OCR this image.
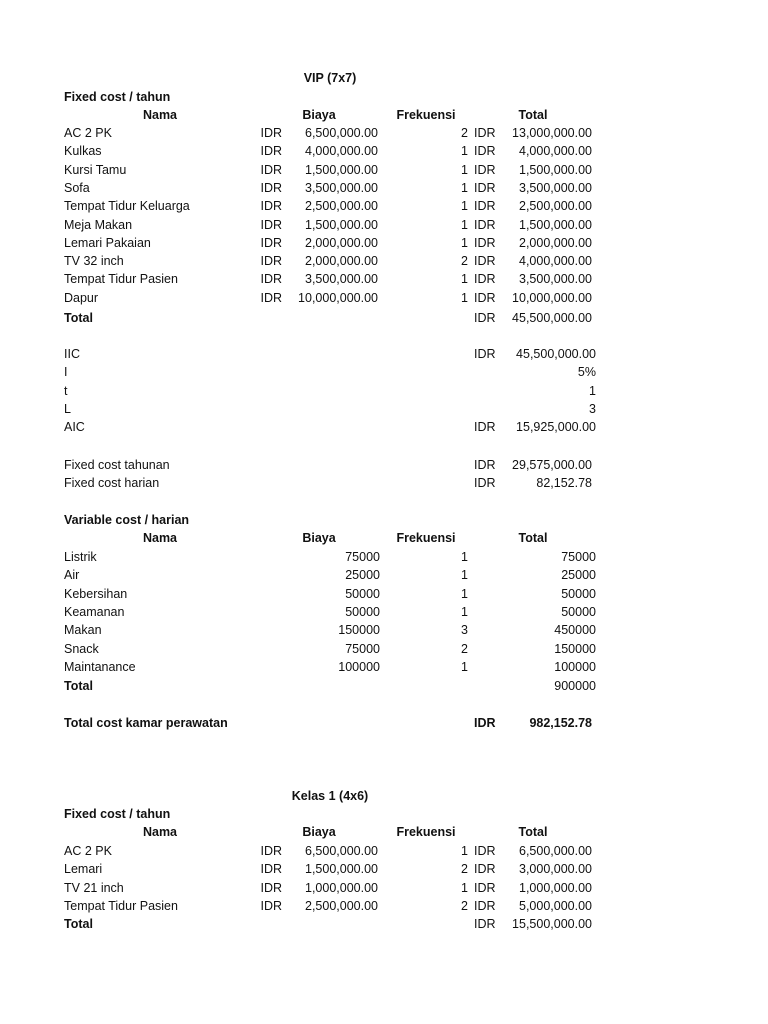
VIP (7x7)
Fixed cost / tahun
Nama	Biaya	Frekuensi	Total
AC 2 PK	IDR	6,500,000.00	2 IDR	13,000,000.00
Kulkas	IDR	4,000,000.00	1 IDR	4,000,000.00
Kursi Tamu	IDR	1,500,000.00	1 IDR	1,500,000.00
Sofa	IDR	3,500,000.00	1 IDR	3,500,000.00
Tempat Tidur Keluarga	IDR	2,500,000.00	1 IDR	2,500,000.00
Meja Makan	IDR	1,500,000.00	1 IDR	1,500,000.00
Lemari Pakaian	IDR	2,000,000.00	1 IDR	2,000,000.00
TV 32 inch	IDR	2,000,000.00	2 IDR	4,000,000.00
Tempat Tidur Pasien	IDR	3,500,000.00	1 IDR	3,500,000.00
Dapur	IDR	10,000,000.00	1 IDR	10,000,000.00
Total	IDR	45,500,000.00
IIC	IDR	45,500,000.00
I	5%
t	1
L	3
AIC	IDR	15,925,000.00
Fixed cost tahunan	IDR	29,575,000.00
Fixed cost harian	IDR	82,152.78
Variable cost / harian
Nama	Biaya	Frekuensi	Total
Listrik	75000	1	75000
Air	25000	1	25000
Kebersihan	50000	1	50000
Keamanan	50000	1	50000
Makan	150000	3	450000
Snack	75000	2	150000
Maintanance	100000	1	100000
Total	900000
Total cost kamar perawatan	IDR	982,152.78
Kelas 1 (4x6)
Fixed cost / tahun
Nama	Biaya	Frekuensi	Total
AC 2 PK	IDR	6,500,000.00	1 IDR	6,500,000.00
Lemari	IDR	1,500,000.00	2 IDR	3,000,000.00
TV 21 inch	IDR	1,000,000.00	1 IDR	1,000,000.00
Tempat Tidur Pasien	IDR	2,500,000.00	2 IDR	5,000,000.00
Total	IDR	15,500,000.00
